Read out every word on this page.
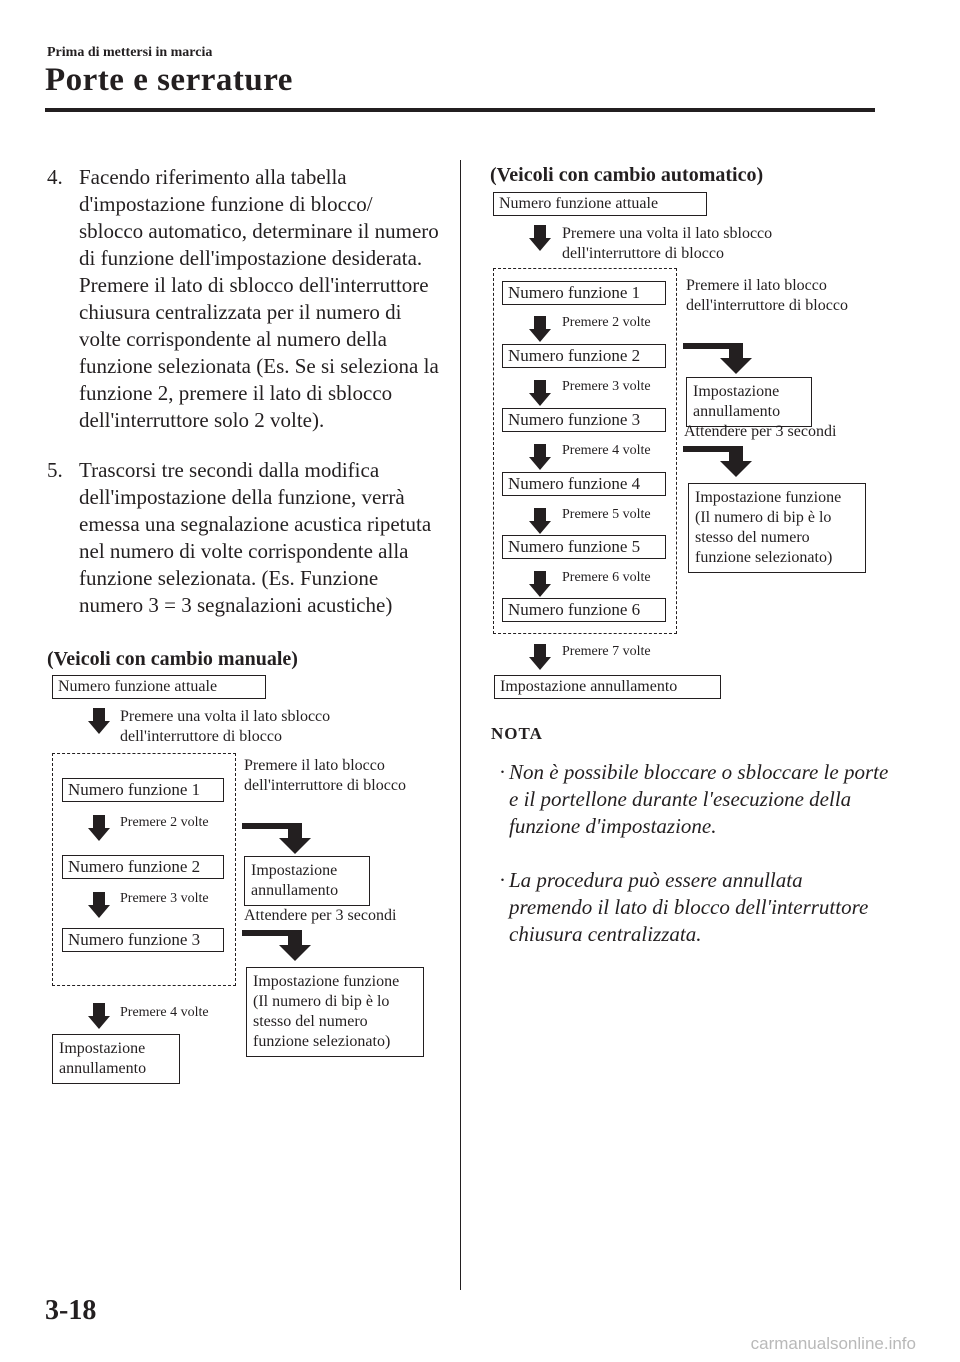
Prima di mettersi in marcia
Porte e serrature
4. Facendo riferimento alla tabella d'impostazione funzione di blocco/ sblocco automatico, determinare il numero di funzione dell'impostazione desiderata. Premere il lato di sblocco dell'interruttore chiusura centralizzata per il numero di volte corrispondente al numero della funzione selezionata (Es. Se si seleziona la funzione 2, premere il lato di sblocco dell'interruttore solo 2 volte).
5. Trascorsi tre secondi dalla modifica dell'impostazione della funzione, verrà emessa una segnalazione acustica ripetuta nel numero di volte corrispondente alla funzione selezionata. (Es. Funzione numero 3 = 3 segnalazioni acustiche)
(Veicoli con cambio manuale)
Numero funzione attuale
Premere una volta il lato sblocco dell'interruttore di blocco
Numero funzione 1
Premere 2 volte
Numero funzione 2
Premere 3 volte
Numero funzione 3
Premere 4 volte
Impostazione annullamento
Premere il lato blocco dell'interruttore di blocco
Impostazione annullamento
Attendere per 3 secondi
Impostazione funzione (Il numero di bip è lo stesso del numero funzione selezionato)
(Veicoli con cambio automatico)
Numero funzione attuale
Premere una volta il lato sblocco dell'interruttore di blocco
Numero funzione 1
Premere 2 volte
Numero funzione 2
Premere 3 volte
Numero funzione 3
Premere 4 volte
Numero funzione 4
Premere 5 volte
Numero funzione 5
Premere 6 volte
Numero funzione 6
Premere 7 volte
Impostazione annullamento
Premere il lato blocco dell'interruttore di blocco
Impostazione annullamento
Attendere per 3 secondi
Impostazione funzione (Il numero di bip è lo stesso del numero funzione selezionato)
NOTA
· Non è possibile bloccare o sbloccare le porte e il portellone durante l'esecuzione della funzione d'impostazione.
· La procedura può essere annullata premendo il lato di blocco dell'interruttore chiusura centralizzata.
3-18
carmanualsonline.info
